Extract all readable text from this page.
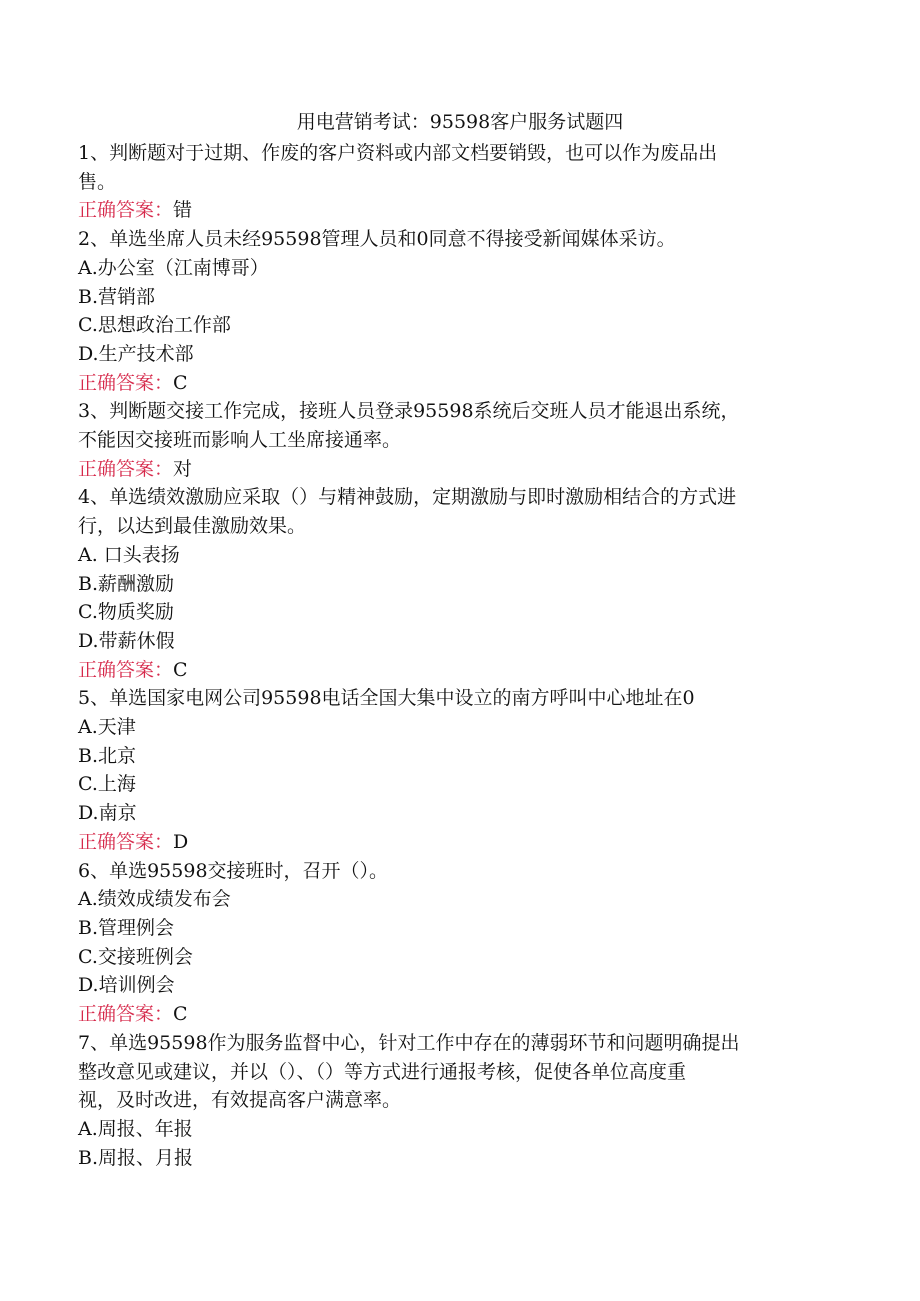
用电营销考试：95598客户服务试题四
1、判断题对于过期、作废的客户资料或内部文档要销毁，也可以作为废品出
售。
正确答案：错
2、单选坐席人员未经95598管理人员和0同意不得接受新闻媒体采访。
A.办公室（江南博哥）
B.营销部
C.思想政治工作部
D.生产技术部
正确答案：C
3、判断题交接工作完成，接班人员登录95598系统后交班人员才能退出系统，
不能因交接班而影响人工坐席接通率。
正确答案：对
4、单选绩效激励应采取（）与精神鼓励，定期激励与即时激励相结合的方式进
行，以达到最佳激励效果。
A. 口头表扬
B.薪酬激励
C.物质奖励
D.带薪休假
正确答案：C
5、单选国家电网公司95598电话全国大集中设立的南方呼叫中心地址在0
A.天津
B.北京
C.上海
D.南京
正确答案：D
6、单选95598交接班时，召开（）。
A.绩效成绩发布会
B.管理例会
C.交接班例会
D.培训例会
正确答案：C
7、单选95598作为服务监督中心，针对工作中存在的薄弱环节和问题明确提出
整改意见或建议，并以（）、（）等方式进行通报考核，促使各单位高度重
视，及时改进，有效提高客户满意率。
A.周报、年报
B.周报、月报
